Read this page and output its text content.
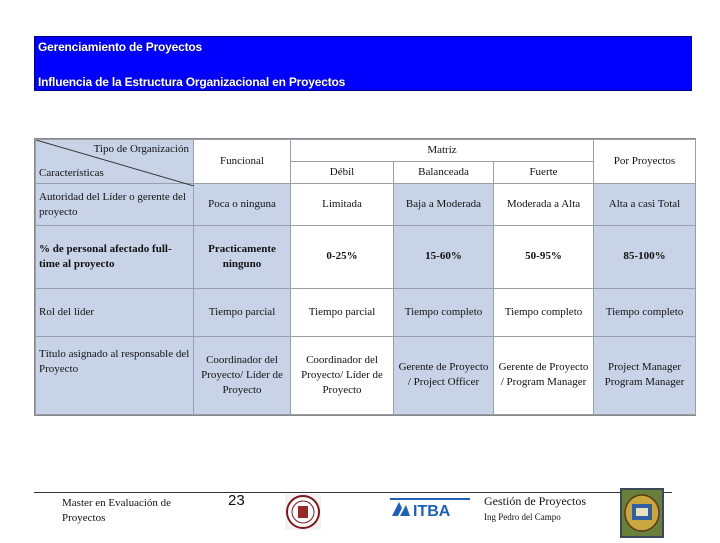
Gerenciamiento de Proyectos
Influencia de la Estructura Organizacional en Proyectos
Tipo de Organización
Características	Funcional	Matriz			Por Proyectos
		Débil	Balanceada	Fuerte	
Autoridad del Líder o gerente del proyecto	Poca o ninguna	Limitada	Baja a Moderada	Moderada a Alta	Alta a casi Total
% de personal afectado full-time al proyecto	Practicamente ninguno	0-25%	15-60%	50-95%	85-100%
Rol del líder	Tiempo parcial	Tiempo parcial	Tiempo completo	Tiempo completo	Tiempo completo
Título asignado al responsable del Proyecto	Coordinador del Proyecto/ Líder de Proyecto	Coordinador del Proyecto/ Líder de Proyecto	Gerente de Proyecto / Project Officer	Gerente de Proyecto / Program Manager	Project Manager Program Manager
Master en Evaluación de Proyectos
23
ITBA
Gestión de Proyectos
Ing Pedro del Campo
